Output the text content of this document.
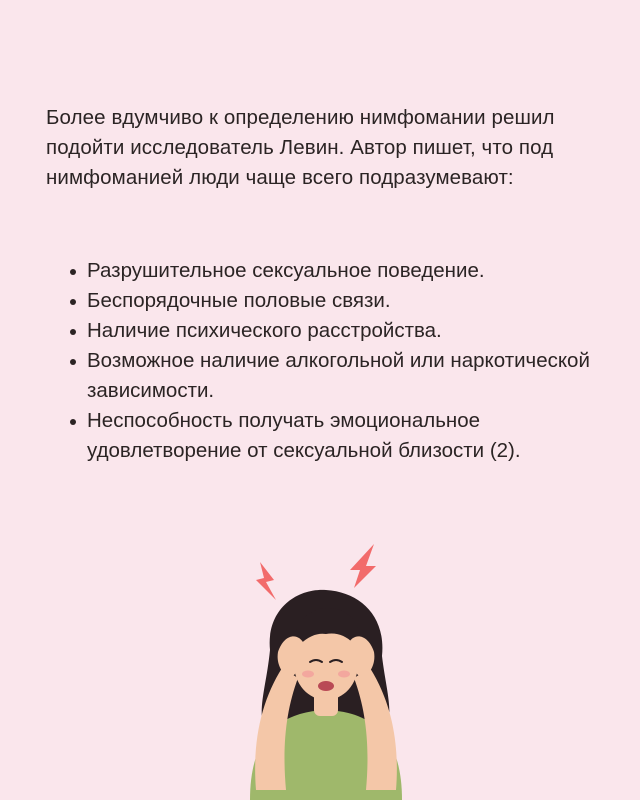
Более вдумчиво к определению нимфомании решил подойти исследователь Левин. Автор пишет, что под нимфоманией люди чаще всего подразумевают:

Разрушительное сексуальное поведение.
Беспорядочные половые связи.
Наличие психического расстройства.
Возможное наличие алкогольной или наркотической зависимости.
Неспособность получать эмоциональное удовлетворение от сексуальной близости (2).
